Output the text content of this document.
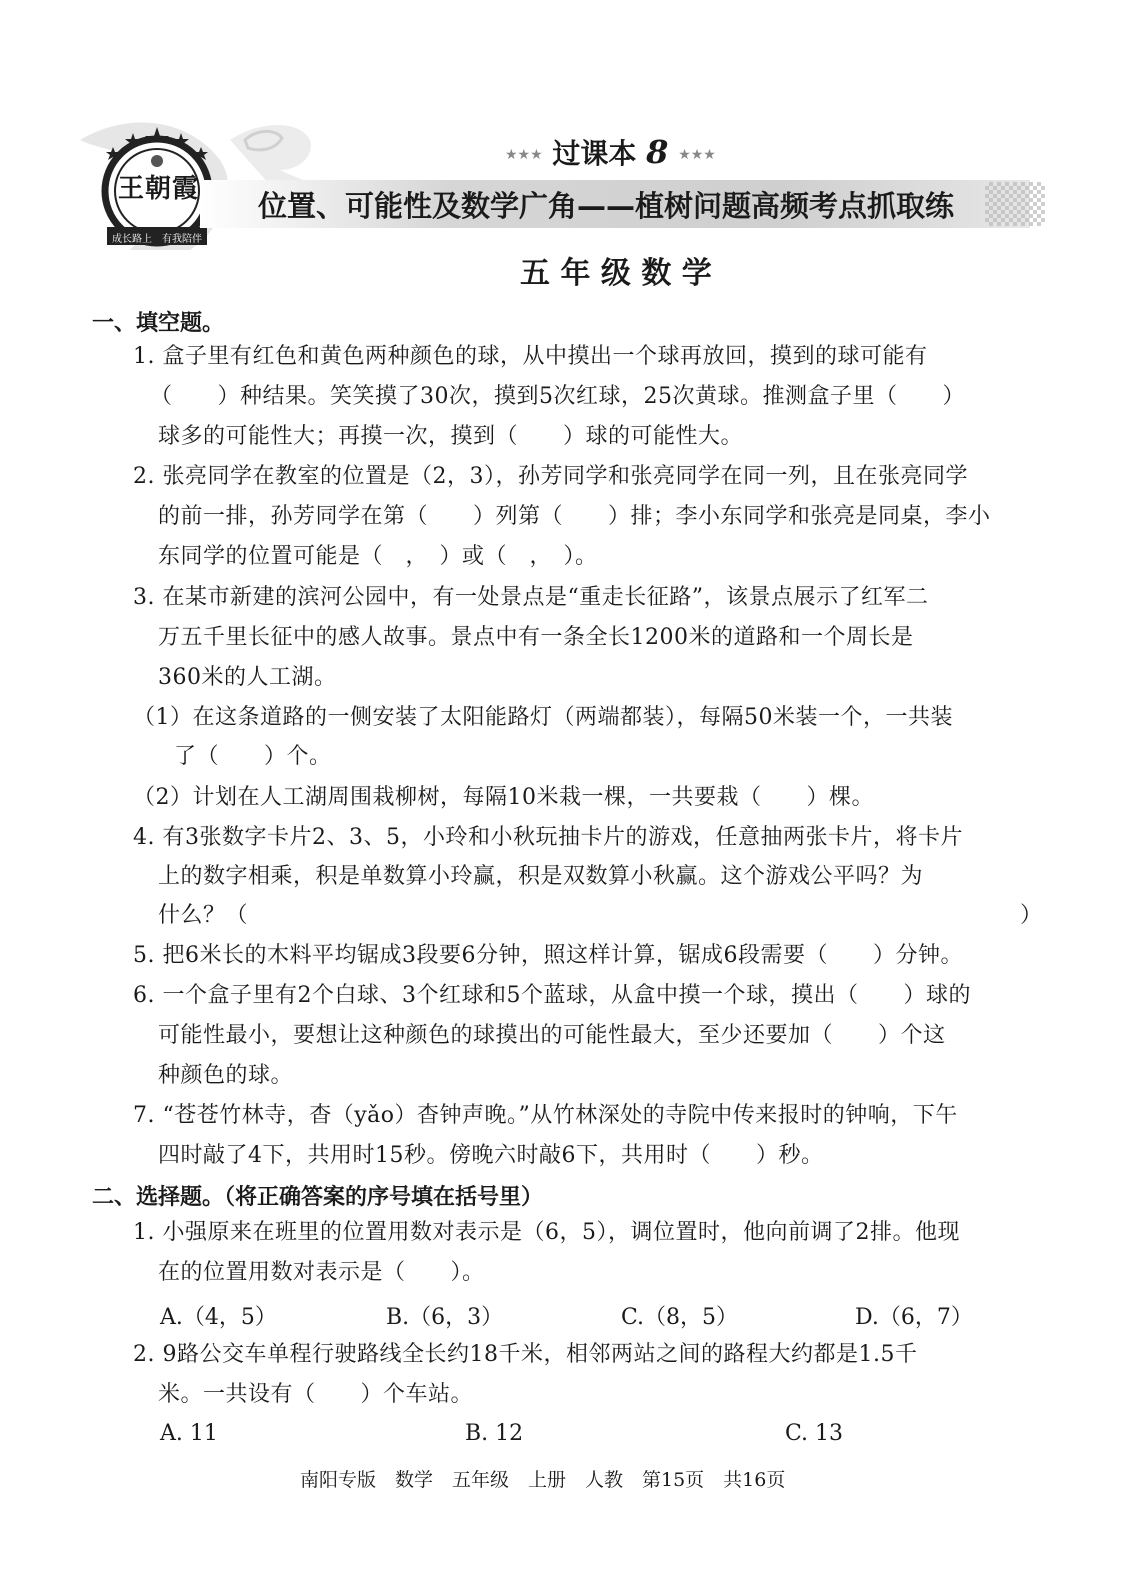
王朝霞
成长路上 有我陪伴
★★★ 过课本 8 ★★★
位置、可能性及数学广角——植树问题高频考点抓取练
五 年 级 数 学
一、填空题。
1. 盒子里有红色和黄色两种颜色的球，从中摸出一个球再放回，摸到的球可能有
（　　）种结果。笑笑摸了30次，摸到5次红球，25次黄球。推测盒子里（　　）
球多的可能性大；再摸一次，摸到（　　）球的可能性大。
2. 张亮同学在教室的位置是（2，3），孙芳同学和张亮同学在同一列，且在张亮同学
的前一排，孙芳同学在第（　　）列第（　　）排；李小东同学和张亮是同桌，李小
东同学的位置可能是（　，　）或（　，　）。
3. 在某市新建的滨河公园中，有一处景点是“重走长征路”，该景点展示了红军二
万五千里长征中的感人故事。景点中有一条全长1200米的道路和一个周长是
360米的人工湖。
（1）在这条道路的一侧安装了太阳能路灯（两端都装），每隔50米装一个，一共装
了（　　）个。
（2）计划在人工湖周围栽柳树，每隔10米栽一棵，一共要栽（　　）棵。
4. 有3张数字卡片2、3、5，小玲和小秋玩抽卡片的游戏，任意抽两张卡片，将卡片
上的数字相乘，积是单数算小玲赢，积是双数算小秋赢。这个游戏公平吗？为
什么？（	）
5. 把6米长的木料平均锯成3段要6分钟，照这样计算，锯成6段需要（　　）分钟。
6. 一个盒子里有2个白球、3个红球和5个蓝球，从盒中摸一个球，摸出（　　）球的
可能性最小，要想让这种颜色的球摸出的可能性最大，至少还要加（　　）个这
种颜色的球。
7. “苍苍竹林寺，杳（yǎo）杳钟声晚。”从竹林深处的寺院中传来报时的钟响，下午
四时敲了4下，共用时15秒。傍晚六时敲6下，共用时（　　）秒。
二、选择题。（将正确答案的序号填在括号里）
1. 小强原来在班里的位置用数对表示是（6，5），调位置时，他向前调了2排。他现
在的位置用数对表示是（　　）。
A.（4，5）	B.（6，3）	C.（8，5）	D.（6，7）
2. 9路公交车单程行驶路线全长约18千米，相邻两站之间的路程大约都是1.5千
米。一共设有（　　）个车站。
A. 11	B. 12	C. 13
南阳专版　数学　五年级　上册　人教　第15页　共16页
